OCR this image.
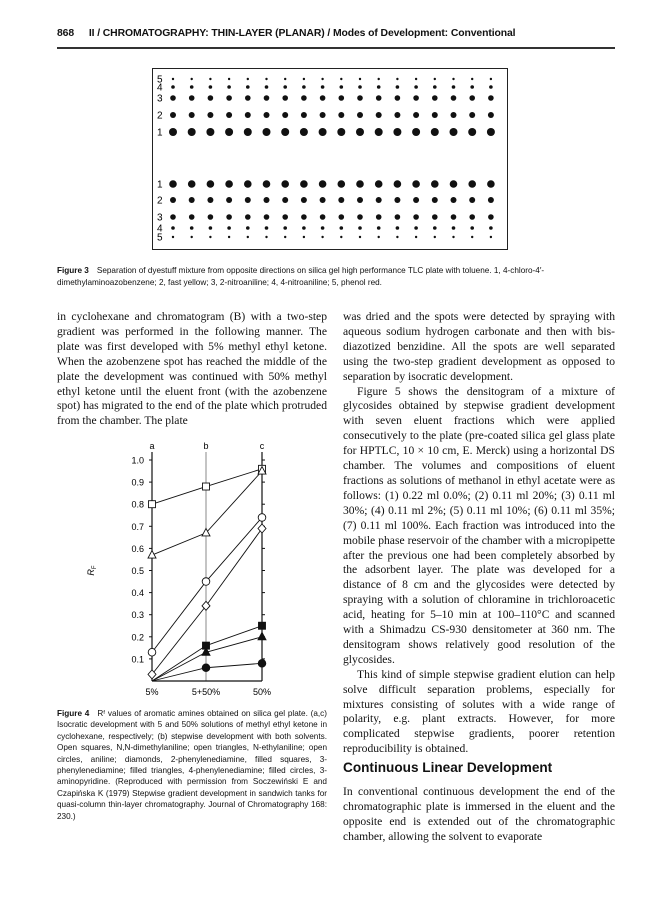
868 II / CHROMATOGRAPHY: THIN-LAYER (PLANAR) / Modes of Development: Conventional
5
4
3
2
1
1
2
3
4
5
Figure 3 Separation of dyestuff mixture from opposite directions on silica gel high performance TLC plate with toluene. 1, 4-chloro-4′-dimethylaminoazobenzene; 2, fast yellow; 3, 2-nitroaniline; 4, 4-nitroaniline; 5, phenol red.

in cyclohexane and chromatogram (B) with a two-step gradient was performed in the following manner. The plate was first developed with 5% methyl ethyl ketone. When the azobenzene spot has reached the middle of the plate the development was continued with 50% methyl ethyl ketone until the eluent front (with the azobenzene spot) has migrated to the end of the plate which protruded from the chamber. The plate

0.1
0.2
0.3
0.4
0.5
0.6
0.7
0.8
0.9
1.0
$R_F$
a	b	c
5%	5+50%	50%
Figure 4 Rᶠ values of aromatic amines obtained on silica gel plate. (a,c) Isocratic development with 5 and 50% solutions of methyl ethyl ketone in cyclohexane, respectively; (b) stepwise development with both solvents. Open squares, N,N-dimethylaniline; open triangles, N-ethylaniline; open circles, aniline; diamonds, 2-phenylenediamine, filled squares, 3-phenylenediamine; filled triangles, 4-phenylenediamine; filled circles, 3-aminopyridine. (Reproduced with permission from Soczewiński E and Czapińska K (1979) Stepwise gradient development in sandwich tanks for quasi-column thin-layer chromatography. Journal of Chromatography 168: 230.)

was dried and the spots were detected by spraying with aqueous sodium hydrogen carbonate and then with bis-diazotized benzidine. All the spots are well separated using the two-step gradient development as opposed to separation by isocratic development.

Figure 5 shows the densitogram of a mixture of glycosides obtained by stepwise gradient development with seven eluent fractions which were applied consecutively to the plate (pre-coated silica gel glass plate for HPTLC, 10 × 10 cm, E. Merck) using a horizontal DS chamber. The volumes and compositions of eluent fractions as solutions of methanol in ethyl acetate were as follows: (1) 0.22 ml 0.0%; (2) 0.11 ml 20%; (3) 0.11 ml 30%; (4) 0.11 ml 2%; (5) 0.11 ml 10%; (6) 0.11 ml 35%; (7) 0.11 ml 100%. Each fraction was introduced into the mobile phase reservoir of the chamber with a micropipette after the previous one had been completely absorbed by the adsorbent layer. The plate was developed for a distance of 8 cm and the glycosides were detected by spraying with a solution of chloramine in trichloroacetic acid, heating for 5–10 min at 100–110°C and scanned with a Shimadzu CS-930 densitometer at 360 nm. The densitogram shows relatively good resolution of the glycosides.

This kind of simple stepwise gradient elution can help solve difficult separation problems, especially for mixtures consisting of solutes with a wide range of polarity, e.g. plant extracts. However, for more complicated stepwise gradients, poorer retention reproducibility is obtained.

Continuous Linear Development

In conventional continuous development the end of the chromatographic plate is immersed in the eluent and the opposite end is extended out of the chromatographic chamber, allowing the solvent to evaporate
